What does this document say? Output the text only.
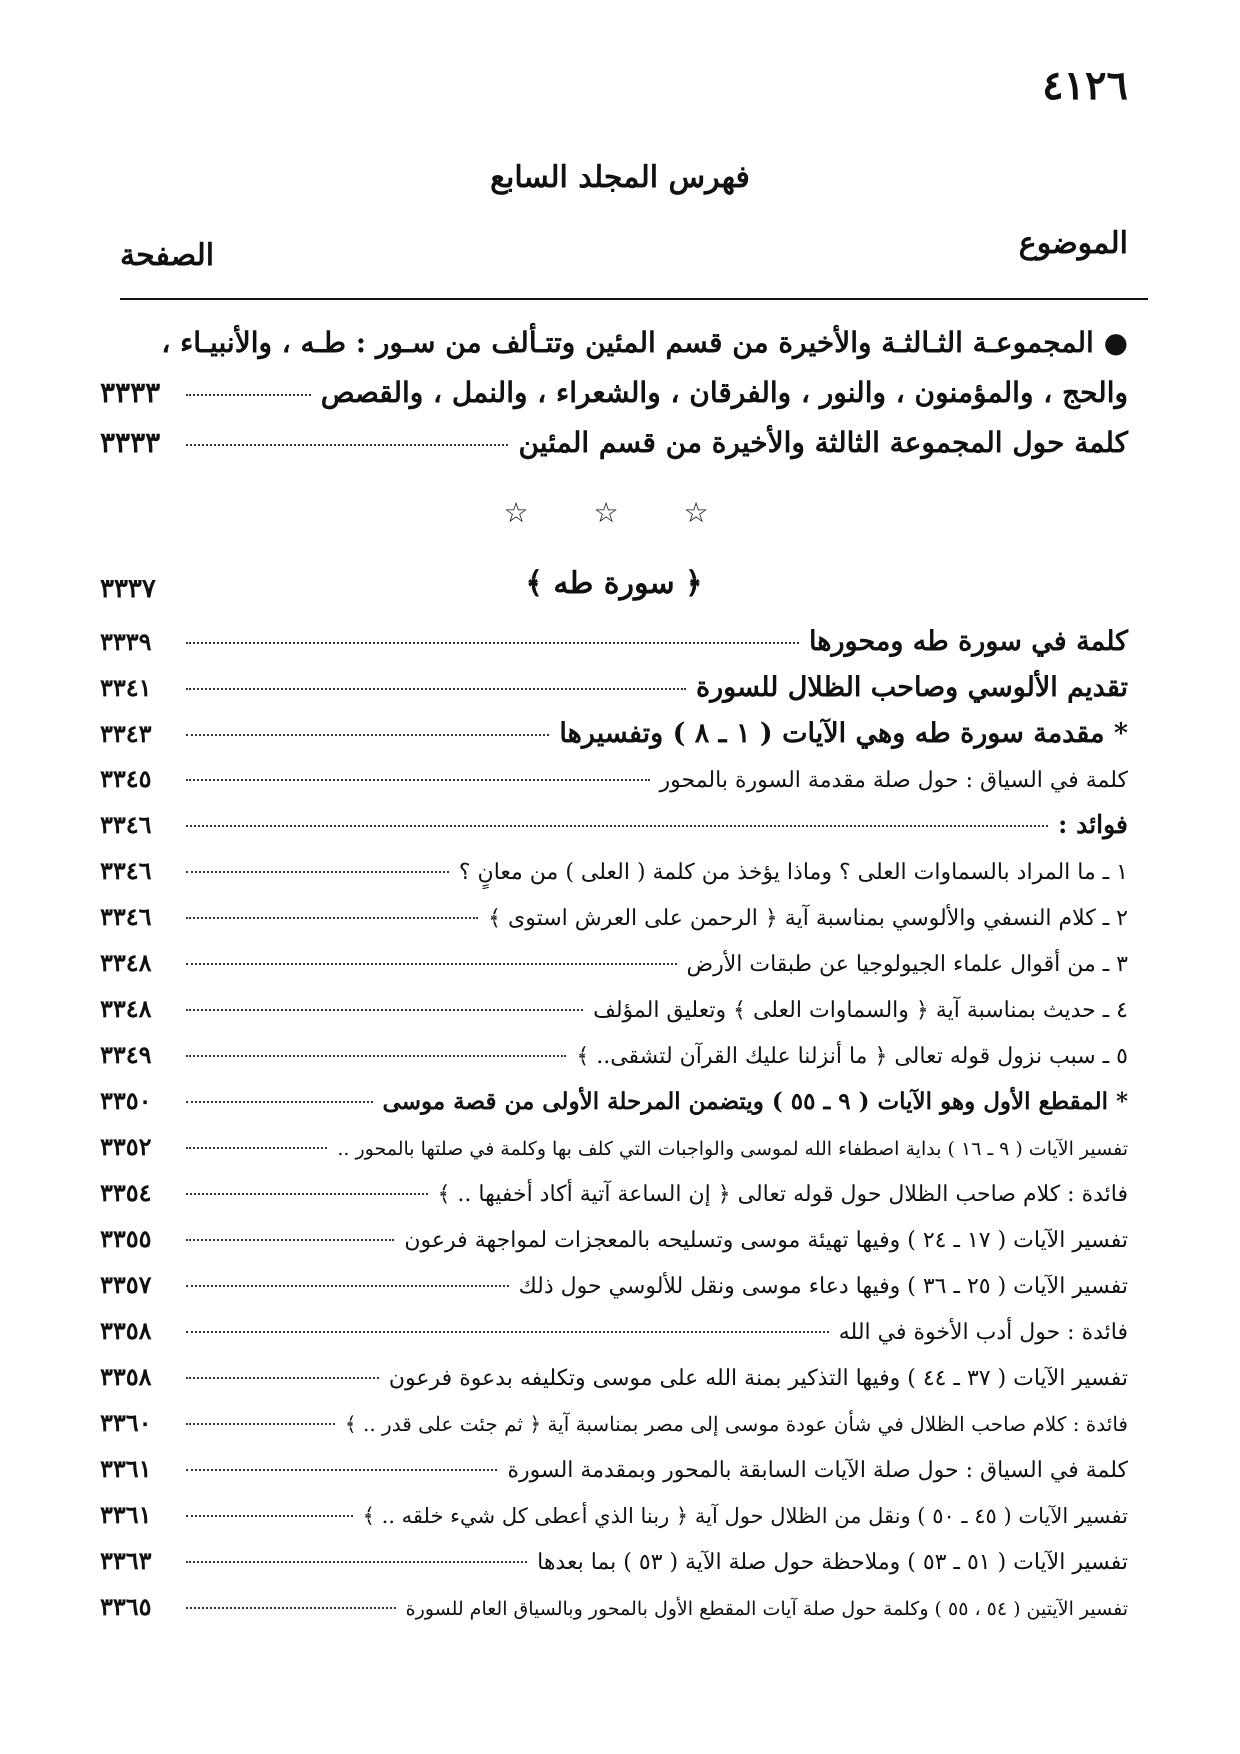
٤١٢٦
فهرس المجلد السابع
الموضوع
الصفحة
● المجموعـة الثـالثـة والأخيرة من قسم المئين وتتـألف من سـور : طـه ، والأنبيـاء ،
والحج ، والمؤمنون ، والنور ، والفرقان ، والشعراء ، والنمل ، والقصص
٣٣٣٣
كلمة حول المجموعة الثالثة والأخيرة من قسم المئين
٣٣٣٣
☆ ☆ ☆
﴿ سورة طه ﴾
٣٣٣٧
كلمة في سورة طه ومحورها
٣٣٣٩
تقديم الألوسي وصاحب الظلال للسورة
٣٣٤١
* مقدمة سورة طه وهي الآيات ( ١ ـ ٨ ) وتفسيرها
٣٣٤٣
كلمة في السياق : حول صلة مقدمة السورة بالمحور
٣٣٤٥
فوائد :
٣٣٤٦
١ ـ ما المراد بالسماوات العلى ؟ وماذا يؤخذ من كلمة ( العلى ) من معانٍ ؟
٣٣٤٦
٢ ـ كلام النسفي والألوسي بمناسبة آية ﴿ الرحمن على العرش استوى ﴾
٣٣٤٦
٣ ـ من أقوال علماء الجيولوجيا عن طبقات الأرض
٣٣٤٨
٤ ـ حديث بمناسبة آية ﴿ والسماوات العلى ﴾ وتعليق المؤلف
٣٣٤٨
٥ ـ سبب نزول قوله تعالى ﴿ ما أنزلنا عليك القرآن لتشقى.. ﴾
٣٣٤٩
* المقطع الأول وهو الآيات ( ٩ ـ ٥٥ ) ويتضمن المرحلة الأولى من قصة موسى
٣٣٥٠
تفسير الآيات ( ٩ ـ ١٦ ) بداية اصطفاء الله لموسى والواجبات التي كلف بها وكلمة في صلتها بالمحور ..
٣٣٥٢
فائدة : كلام صاحب الظلال حول قوله تعالى ﴿ إن الساعة آتية أكاد أخفيها .. ﴾
٣٣٥٤
تفسير الآيات ( ١٧ ـ ٢٤ ) وفيها تهيئة موسى وتسليحه بالمعجزات لمواجهة فرعون
٣٣٥٥
تفسير الآيات ( ٢٥ ـ ٣٦ ) وفيها دعاء موسى ونقل للألوسي حول ذلك
٣٣٥٧
فائدة : حول أدب الأخوة في الله
٣٣٥٨
تفسير الآيات ( ٣٧ ـ ٤٤ ) وفيها التذكير بمنة الله على موسى وتكليفه بدعوة فرعون
٣٣٥٨
فائدة : كلام صاحب الظلال في شأن عودة موسى إلى مصر بمناسبة آية ﴿ ثم جئت على قدر .. ﴾
٣٣٦٠
كلمة في السياق : حول صلة الآيات السابقة بالمحور وبمقدمة السورة
٣٣٦١
تفسير الآيات ( ٤٥ ـ ٥٠ ) ونقل من الظلال حول آية ﴿ ربنا الذي أعطى كل شيء خلقه .. ﴾
٣٣٦١
تفسير الآيات ( ٥١ ـ ٥٣ ) وملاحظة حول صلة الآية ( ٥٣ ) بما بعدها
٣٣٦٣
تفسير الآيتين ( ٥٤ ، ٥٥ ) وكلمة حول صلة آيات المقطع الأول بالمحور وبالسياق العام للسورة
٣٣٦٥
